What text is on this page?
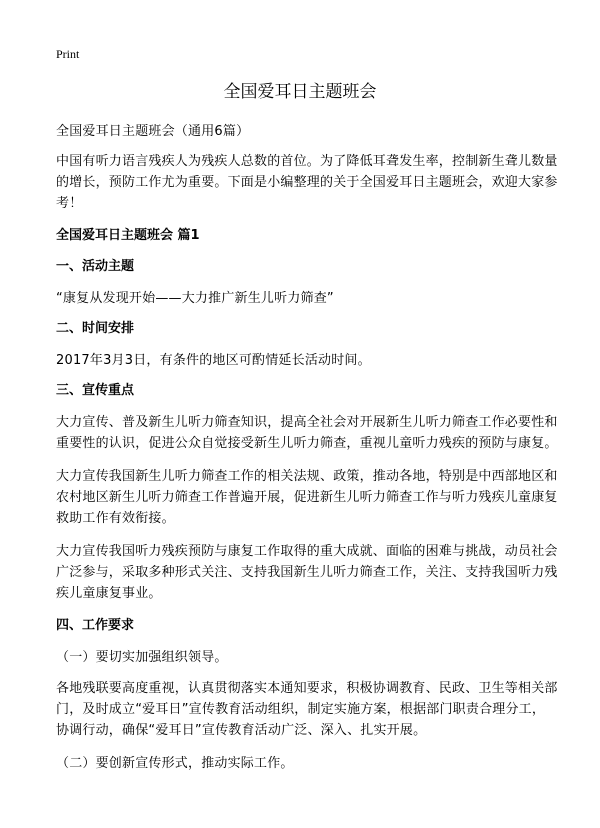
Print
全国爱耳日主题班会

全国爱耳日主题班会（通用6篇）

中国有听力语言残疾人为残疾人总数的首位。为了降低耳聋发生率，控制新生聋儿数量的增长，预防工作尤为重要。下面是小编整理的关于全国爱耳日主题班会，欢迎大家参考！

全国爱耳日主题班会 篇1

一、活动主题

“康复从发现开始——大力推广新生儿听力筛查”

二、时间安排

2017年3月3日，有条件的地区可酌情延长活动时间。

三、宣传重点

大力宣传、普及新生儿听力筛查知识，提高全社会对开展新生儿听力筛查工作必要性和重要性的认识，促进公众自觉接受新生儿听力筛查，重视儿童听力残疾的预防与康复。

大力宣传我国新生儿听力筛查工作的相关法规、政策，推动各地，特别是中西部地区和农村地区新生儿听力筛查工作普遍开展，促进新生儿听力筛查工作与听力残疾儿童康复救助工作有效衔接。

大力宣传我国听力残疾预防与康复工作取得的重大成就、面临的困难与挑战，动员社会广泛参与，采取多种形式关注、支持我国新生儿听力筛查工作，关注、支持我国听力残疾儿童康复事业。

四、工作要求

（一）要切实加强组织领导。

各地残联要高度重视，认真贯彻落实本通知要求，积极协调教育、民政、卫生等相关部门，及时成立“爱耳日”宣传教育活动组织，制定实施方案，根据部门职责合理分工，协调行动，确保“爱耳日”宣传教育活动广泛、深入、扎实开展。

（二）要创新宣传形式，推动实际工作。
